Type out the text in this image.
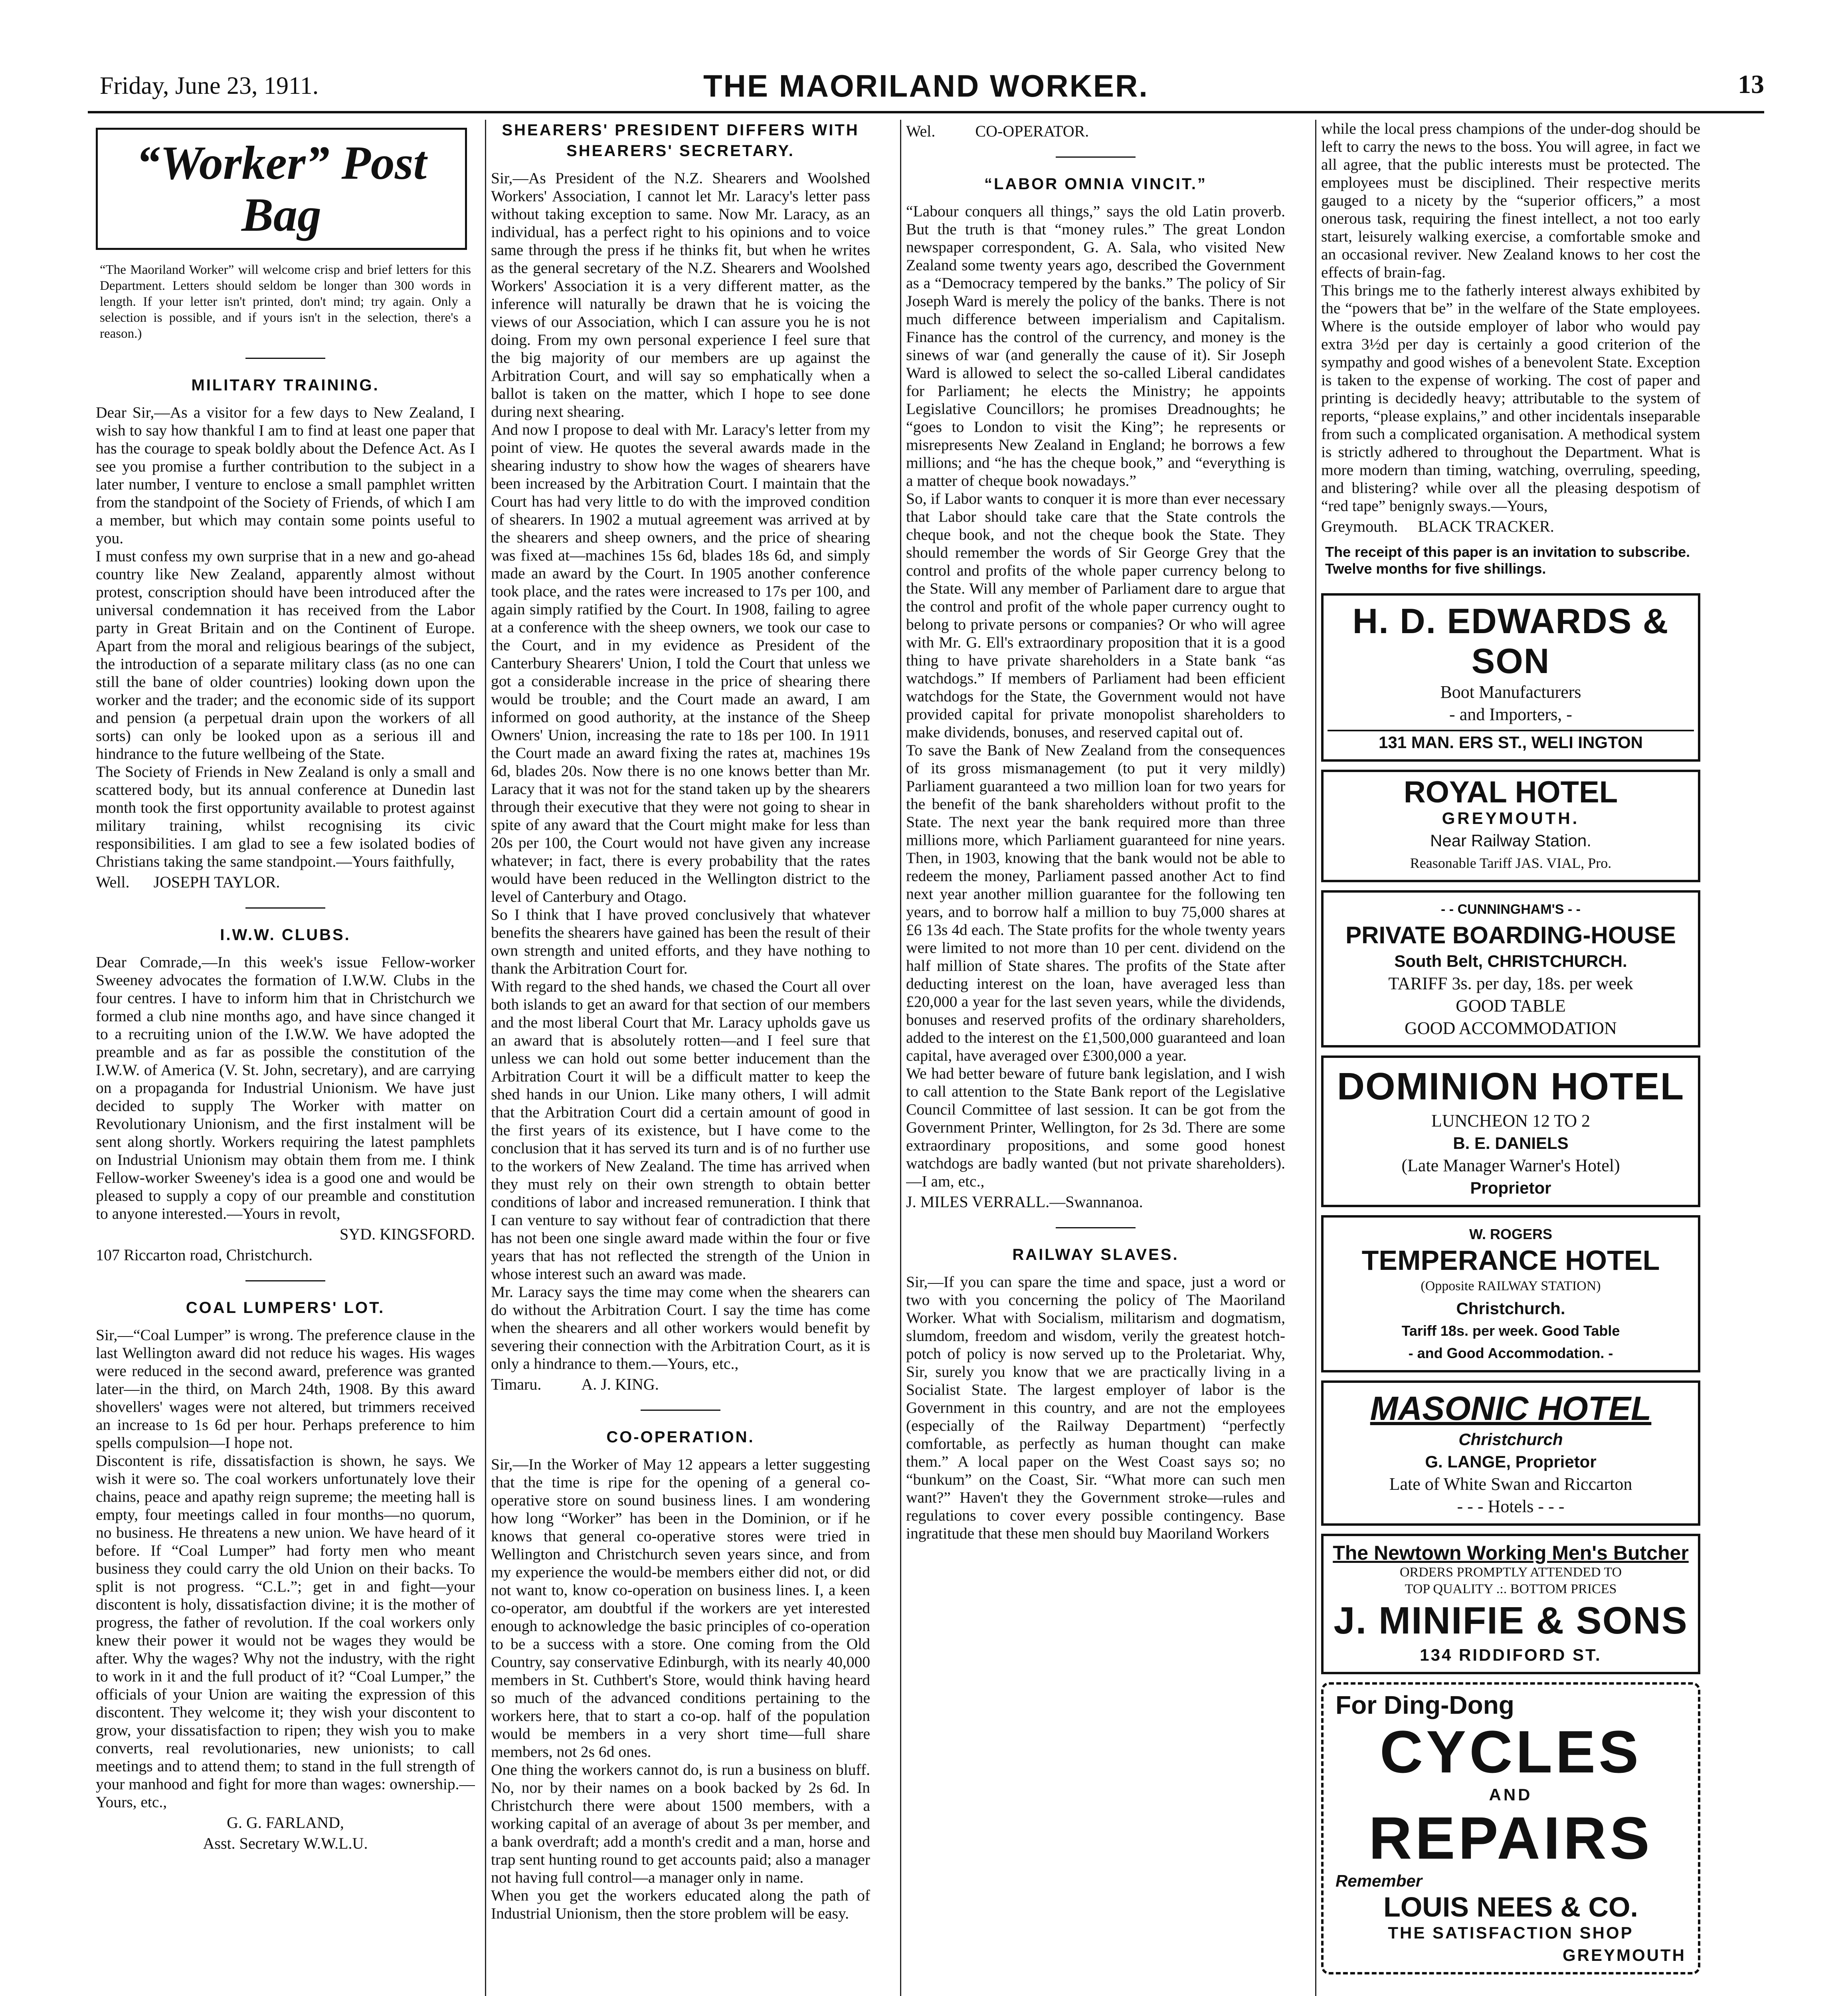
Friday, June 23, 1911.	THE MAORILAND WORKER.	13
“Worker” Post Bag

“The Maoriland Worker” will welcome crisp and brief letters for this Department. Letters should seldom be longer than 300 words in length. If your letter isn't printed, don't mind; try again. Only a selection is possible, and if yours isn't in the selection, there's a reason.)

MILITARY TRAINING.

Dear Sir,—As a visitor for a few days to New Zealand, I wish to say how thankful I am to find at least one paper that has the courage to speak boldly about the Defence Act. As I see you promise a further contribution to the subject in a later number, I venture to enclose a small pamphlet written from the standpoint of the Society of Friends, of which I am a member, but which may contain some points useful to you.
I must confess my own surprise that in a new and go-ahead country like New Zealand, apparently almost without protest, conscription should have been introduced after the universal condemnation it has received from the Labor party in Great Britain and on the Continent of Europe. Apart from the moral and religious bearings of the subject, the introduction of a separate military class (as no one can still the bane of older countries) looking down upon the worker and the trader; and the economic side of its support and pension (a perpetual drain upon the workers of all sorts) can only be looked upon as a serious ill and hindrance to the future wellbeing of the State.
The Society of Friends in New Zealand is only a small and scattered body, but its annual conference at Dunedin last month took the first opportunity available to protest against military training, whilst recognising its civic responsibilities. I am glad to see a few isolated bodies of Christians taking the same standpoint.—Yours faithfully,

Well. JOSEPH TAYLOR.
I.W.W. CLUBS.

Dear Comrade,—In this week's issue Fellow-worker Sweeney advocates the formation of I.W.W. Clubs in the four centres. I have to inform him that in Christchurch we formed a club nine months ago, and have since changed it to a recruiting union of the I.W.W. We have adopted the preamble and as far as possible the constitution of the I.W.W. of America (V. St. John, secretary), and are carrying on a propaganda for Industrial Unionism. We have just decided to supply The Worker with matter on Revolutionary Unionism, and the first instalment will be sent along shortly. Workers requiring the latest pamphlets on Industrial Unionism may obtain them from me. I think Fellow-worker Sweeney's idea is a good one and would be pleased to supply a copy of our preamble and constitution to anyone interested.—Yours in revolt,

SYD. KINGSFORD.
107 Riccarton road, Christchurch.
COAL LUMPERS' LOT.

Sir,—“Coal Lumper” is wrong. The preference clause in the last Wellington award did not reduce his wages. His wages were reduced in the second award, preference was granted later—in the third, on March 24th, 1908. By this award shovellers' wages were not altered, but trimmers received an increase to 1s 6d per hour. Perhaps preference to him spells compulsion—I hope not.
Discontent is rife, dissatisfaction is shown, he says. We wish it were so. The coal workers unfortunately love their chains, peace and apathy reign supreme; the meeting hall is empty, four meetings called in four months—no quorum, no business. He threatens a new union. We have heard of it before. If “Coal Lumper” had forty men who meant business they could carry the old Union on their backs. To split is not progress. “C.L.”; get in and fight—your discontent is holy, dissatisfaction divine; it is the mother of progress, the father of revolution. If the coal workers only knew their power it would not be wages they would be after. Why the wages? Why not the industry, with the right to work in it and the full product of it? “Coal Lumper,” the officials of your Union are waiting the expression of this discontent. They welcome it; they wish your discontent to grow, your dissatisfaction to ripen; they wish you to make converts, real revolutionaries, new unionists; to call meetings and to attend them; to stand in the full strength of your manhood and fight for more than wages: ownership.—Yours, etc.,

G. G. FARLAND,
Asst. Secretary W.W.L.U.
SHEARERS' PRESIDENT DIFFERS WITH SHEARERS' SECRETARY.

Sir,—As President of the N.Z. Shearers and Woolshed Workers' Association, I cannot let Mr. Laracy's letter pass without taking exception to same. Now Mr. Laracy, as an individual, has a perfect right to his opinions and to voice same through the press if he thinks fit, but when he writes as the general secretary of the N.Z. Shearers and Woolshed Workers' Association it is a very different matter, as the inference will naturally be drawn that he is voicing the views of our Association, which I can assure you he is not doing. From my own personal experience I feel sure that the big majority of our members are up against the Arbitration Court, and will say so emphatically when a ballot is taken on the matter, which I hope to see done during next shearing.
And now I propose to deal with Mr. Laracy's letter from my point of view. He quotes the several awards made in the shearing industry to show how the wages of shearers have been increased by the Arbitration Court. I maintain that the Court has had very little to do with the improved condition of shearers. In 1902 a mutual agreement was arrived at by the shearers and sheep owners, and the price of shearing was fixed at—machines 15s 6d, blades 18s 6d, and simply made an award by the Court. In 1905 another conference took place, and the rates were increased to 17s per 100, and again simply ratified by the Court. In 1908, failing to agree at a conference with the sheep owners, we took our case to the Court, and in my evidence as President of the Canterbury Shearers' Union, I told the Court that unless we got a considerable increase in the price of shearing there would be trouble; and the Court made an award, I am informed on good authority, at the instance of the Sheep Owners' Union, increasing the rate to 18s per 100. In 1911 the Court made an award fixing the rates at, machines 19s 6d, blades 20s. Now there is no one knows better than Mr. Laracy that it was not for the stand taken up by the shearers through their executive that they were not going to shear in spite of any award that the Court might make for less than 20s per 100, the Court would not have given any increase whatever; in fact, there is every probability that the rates would have been reduced in the Wellington district to the level of Canterbury and Otago.
So I think that I have proved conclusively that whatever benefits the shearers have gained has been the result of their own strength and united efforts, and they have nothing to thank the Arbitration Court for.
With regard to the shed hands, we chased the Court all over both islands to get an award for that section of our members and the most liberal Court that Mr. Laracy upholds gave us an award that is absolutely rotten—and I feel sure that unless we can hold out some better inducement than the Arbitration Court it will be a difficult matter to keep the shed hands in our Union. Like many others, I will admit that the Arbitration Court did a certain amount of good in the first years of its existence, but I have come to the conclusion that it has served its turn and is of no further use to the workers of New Zealand. The time has arrived when they must rely on their own strength to obtain better conditions of labor and increased remuneration. I think that I can venture to say without fear of contradiction that there has not been one single award made within the four or five years that has not reflected the strength of the Union in whose interest such an award was made.
Mr. Laracy says the time may come when the shearers can do without the Arbitration Court. I say the time has come when the shearers and all other workers would benefit by severing their connection with the Arbitration Court, as it is only a hindrance to them.—Yours, etc.,

Timaru.	A. J. KING.
CO-OPERATION.

Sir,—In the Worker of May 12 appears a letter suggesting that the time is ripe for the opening of a general co-operative store on sound business lines. I am wondering how long “Worker” has been in the Dominion, or if he knows that general co-operative stores were tried in Wellington and Christchurch seven years since, and from my experience the would-be members either did not, or did not want to, know co-operation on business lines. I, a keen co-operator, am doubtful if the workers are yet interested enough to acknowledge the basic principles of co-operation to be a success with a store. One coming from the Old Country, say conservative Edinburgh, with its nearly 40,000 members in St. Cuthbert's Store, would think having heard so much of the advanced conditions pertaining to the workers here, that to start a co-op. half of the population would be members in a very short time—full share members, not 2s 6d ones.
One thing the workers cannot do, is run a business on bluff. No, nor by their names on a book backed by 2s 6d. In Christchurch there were about 1500 members, with a working capital of an average of about 3s per member, and a bank overdraft; add a month's credit and a man, horse and trap sent hunting round to get accounts paid; also a manager not having full control—a manager only in name.
When you get the workers educated along the path of Industrial Unionism, then the store problem will be easy.

Wel.	CO-OPERATOR.
“LABOR OMNIA VINCIT.”

“Labour conquers all things,” says the old Latin proverb. But the truth is that “money rules.” The great London newspaper correspondent, G. A. Sala, who visited New Zealand some twenty years ago, described the Government as a “Democracy tempered by the banks.” The policy of Sir Joseph Ward is merely the policy of the banks. There is not much difference between imperialism and Capitalism. Finance has the control of the currency, and money is the sinews of war (and generally the cause of it). Sir Joseph Ward is allowed to select the so-called Liberal candidates for Parliament; he elects the Ministry; he appoints Legislative Councillors; he promises Dreadnoughts; he “goes to London to visit the King”; he represents or misrepresents New Zealand in England; he borrows a few millions; and “he has the cheque book,” and “everything is a matter of cheque book nowadays.”
So, if Labor wants to conquer it is more than ever necessary that Labor should take care that the State controls the cheque book, and not the cheque book the State. They should remember the words of Sir George Grey that the control and profits of the whole paper currency belong to the State. Will any member of Parliament dare to argue that the control and profit of the whole paper currency ought to belong to private persons or companies? Or who will agree with Mr. G. Ell's extraordinary proposition that it is a good thing to have private shareholders in a State bank “as watchdogs.” If members of Parliament had been efficient watchdogs for the State, the Government would not have provided capital for private monopolist shareholders to make dividends, bonuses, and reserved capital out of.
To save the Bank of New Zealand from the consequences of its gross mismanagement (to put it very mildly) Parliament guaranteed a two million loan for two years for the benefit of the bank shareholders without profit to the State. The next year the bank required more than three millions more, which Parliament guaranteed for nine years. Then, in 1903, knowing that the bank would not be able to redeem the money, Parliament passed another Act to find next year another million guarantee for the following ten years, and to borrow half a million to buy 75,000 shares at £6 13s 4d each. The State profits for the whole twenty years were limited to not more than 10 per cent. dividend on the half million of State shares. The profits of the State after deducting interest on the loan, have averaged less than £20,000 a year for the last seven years, while the dividends, bonuses and reserved profits of the ordinary shareholders, added to the interest on the £1,500,000 guaranteed and loan capital, have averaged over £300,000 a year.
We had better beware of future bank legislation, and I wish to call attention to the State Bank report of the Legislative Council Committee of last session. It can be got from the Government Printer, Wellington, for 2s 3d. There are some extraordinary propositions, and some good honest watchdogs are badly wanted (but not private shareholders).—I am, etc.,

J. MILES VERRALL.—Swannanoa.
RAILWAY SLAVES.

Sir,—If you can spare the time and space, just a word or two with you concerning the policy of The Maoriland Worker. What with Socialism, militarism and dogmatism, slumdom, freedom and wisdom, verily the greatest hotch-potch of policy is now served up to the Proletariat. Why, Sir, surely you know that we are practically living in a Socialist State. The largest employer of labor is the Government in this country, and are not the employees (especially of the Railway Department) “perfectly comfortable, as perfectly as human thought can make them.” A local paper on the West Coast says so; no “bunkum” on the Coast, Sir. “What more can such men want?” Haven't they the Government stroke—rules and regulations to cover every possible contingency. Base ingratitude that these men should buy Maoriland Workers

while the local press champions of the under-dog should be left to carry the news to the boss. You will agree, in fact we all agree, that the public interests must be protected. The employees must be disciplined. Their respective merits gauged to a nicety by the “superior officers,” a most onerous task, requiring the finest intellect, a not too early start, leisurely walking exercise, a comfortable smoke and an occasional reviver. New Zealand knows to her cost the effects of brain-fag.
This brings me to the fatherly interest always exhibited by the “powers that be” in the welfare of the State employees. Where is the outside employer of labor who would pay extra 3½d per day is certainly a good criterion of the sympathy and good wishes of a benevolent State. Exception is taken to the expense of working. The cost of paper and printing is decidedly heavy; attributable to the system of reports, “please explains,” and other incidentals inseparable from such a complicated organisation. A methodical system is strictly adhered to throughout the Department. What is more modern than timing, watching, overruling, speeding, and blistering? while over all the pleasing despotism of “red tape” benignly sways.—Yours,

Greymouth. BLACK TRACKER.

The receipt of this paper is an invitation to subscribe. Twelve months for five shillings.

H. D. EDWARDS & SON
Boot Manufacturers
- and Importers, -
131 MAN. ERS ST., WELI INGTON
ROYAL HOTEL
GREYMOUTH.
Near Railway Station.
Reasonable Tariff JAS. VIAL, Pro.
- - CUNNINGHAM'S - -
PRIVATE BOARDING-HOUSE
South Belt, CHRISTCHURCH.
TARIFF 3s. per day, 18s. per week
GOOD TABLE
GOOD ACCOMMODATION
DOMINION HOTEL
LUNCHEON 12 TO 2
B. E. DANIELS
(Late Manager Warner's Hotel)
Proprietor
W. ROGERS
TEMPERANCE HOTEL
(Opposite RAILWAY STATION)
Christchurch.
Tariff 18s. per week. Good Table
- and Good Accommodation. -
MASONIC HOTEL
Christchurch
G. LANGE, Proprietor
Late of White Swan and Riccarton
- - - Hotels - - -
The Newtown Working Men's Butcher
ORDERS PROMPTLY ATTENDED TO
TOP QUALITY .:. BOTTOM PRICES
J. MINIFIE & SONS
134 RIDDIFORD ST.
For Ding-Dong
CYCLES
AND
REPAIRS
Remember
LOUIS NEES & CO.
THE SATISFACTION SHOP
GREYMOUTH
